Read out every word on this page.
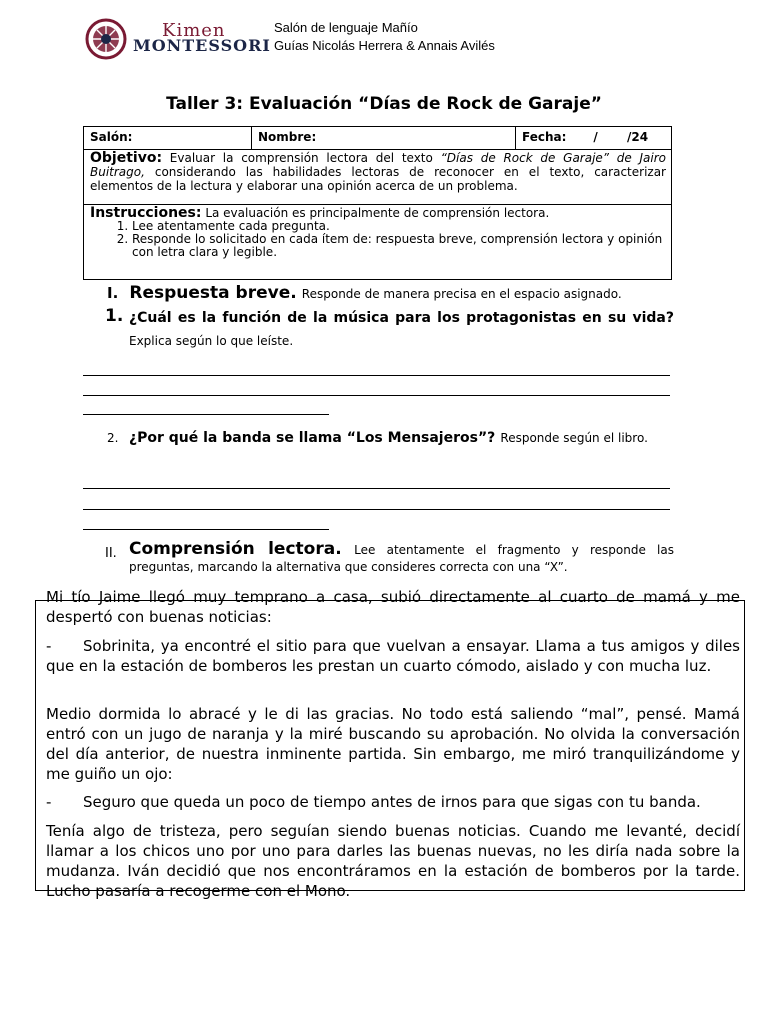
Kimen
MONTESSORI
Salón de lenguaje Mañío
Guías Nicolás Herrera & Annais Avilés
Taller 3: Evaluación “Días de Rock de Garaje”
Salón:	Nombre:	Fecha: /       /24
Objetivo: Evaluar la comprensión lectora del texto “Días de Rock de Garaje” de Jairo Buitrago, considerando las habilidades lectoras de reconocer en el texto, caracterizar elementos de la lectura y elaborar una opinión acerca de un problema.
Instrucciones: La evaluación es principalmente de comprensión lectora.
1. Lee atentamente cada pregunta.
2. Responde lo solicitado en cada ítem de: respuesta breve, comprensión lectora y opinión con letra clara y legible.
I. Respuesta breve. Responde de manera precisa en el espacio asignado.
1. ¿Cuál es la función de la música para los protagonistas en su vida? Explica según lo que leíste.
2. ¿Por qué la banda se llama “Los Mensajeros”? Responde según el libro.
II. Comprensión lectora. Lee atentamente el fragmento y responde las preguntas, marcando la alternativa que consideres correcta con una “X”.
Mi tío Jaime llegó muy temprano a casa, subió directamente al cuarto de mamá y me despertó con buenas noticias:
-	Sobrinita, ya encontré el sitio para que vuelvan a ensayar. Llama a tus amigos y diles que en la estación de bomberos les prestan un cuarto cómodo, aislado y con mucha luz.
Medio dormida lo abracé y le di las gracias. No todo está saliendo “mal”, pensé. Mamá entró con un jugo de naranja y la miré buscando su aprobación. No olvida la conversación del día anterior, de nuestra inminente partida. Sin embargo, me miró tranquilizándome y me guiño un ojo:
-	Seguro que queda un poco de tiempo antes de irnos para que sigas con tu banda.
Tenía algo de tristeza, pero seguían siendo buenas noticias. Cuando me levanté, decidí llamar a los chicos uno por uno para darles las buenas nuevas, no les diría nada sobre la mudanza. Iván decidió que nos encontráramos en la estación de bomberos por la tarde. Lucho pasaría a recogerme con el Mono.
